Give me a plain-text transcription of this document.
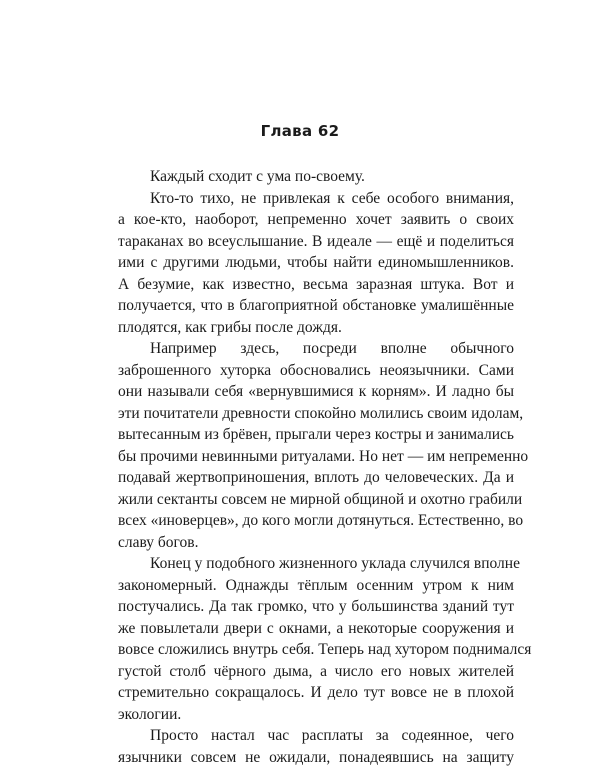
Глава 62
Каждый сходит с ума по-своему.
Кто-то тихо, не привлекая к себе особого внимания,
а кое-кто, наоборот, непременно хочет заявить о своих
тараканах во всеуслышание. В идеале — ещё и поделиться
ими с другими людьми, чтобы найти единомышленников.
А безумие, как известно, весьма заразная штука. Вот и
получается, что в благоприятной обстановке умалишённые
плодятся, как грибы после дождя.
Например здесь, посреди вполне обычного
заброшенного хуторка обосновались неоязычники. Сами
они называли себя «вернувшимися к корням». И ладно бы
эти почитатели древности спокойно молились своим идолам,
вытесанным из брёвен, прыгали через костры и занимались
бы прочими невинными ритуалами. Но нет — им непременно
подавай жертвоприношения, вплоть до человеческих. Да и
жили сектанты совсем не мирной общиной и охотно грабили
всех «иноверцев», до кого могли дотянуться. Естественно, во
славу богов.
Конец у подобного жизненного уклада случился вполне
закономерный. Однажды тёплым осенним утром к ним
постучались. Да так громко, что у большинства зданий тут
же повылетали двери с окнами, а некоторые сооружения и
вовсе сложились внутрь себя. Теперь над хутором поднимался
густой столб чёрного дыма, а число его новых жителей
стремительно сокращалось. И дело тут вовсе не в плохой
экологии.
Просто настал час расплаты за содеянное, чего
язычники совсем не ожидали, понадеявшись на защиту
